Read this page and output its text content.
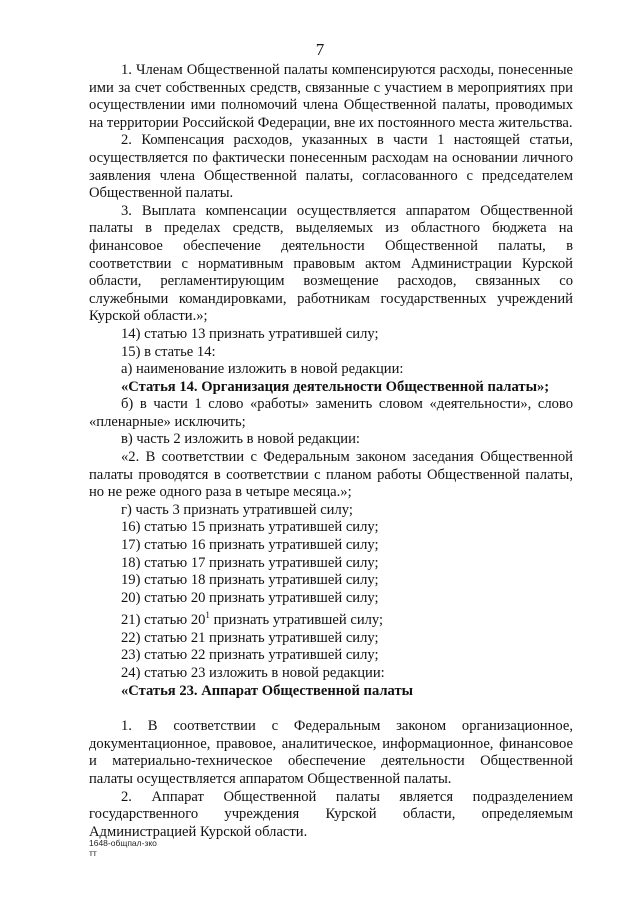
7

1. Членам Общественной палаты компенсируются расходы, понесенные ими за счет собственных средств, связанные с участием в мероприятиях при осуществлении ими полномочий члена Общественной палаты, проводимых на территории Российской Федерации, вне их постоянного места жительства.

2. Компенсация расходов, указанных в части 1 настоящей статьи, осуществляется по фактически понесенным расходам на основании личного заявления члена Общественной палаты, согласованного с председателем Общественной палаты.

3. Выплата компенсации осуществляется аппаратом Общественной палаты в пределах средств, выделяемых из областного бюджета на финансовое обеспечение деятельности Общественной палаты, в соответствии с нормативным правовым актом Администрации Курской области, регламентирующим возмещение расходов, связанных со служебными командировками, работникам государственных учреждений Курской области.»;

14) статью 13 признать утратившей силу;

15) в статье 14:

а) наименование изложить в новой редакции:

«Статья 14. Организация деятельности Общественной палаты»;

б) в части 1 слово «работы» заменить словом «деятельности», слово «пленарные» исключить;

в) часть 2 изложить в новой редакции:

«2. В соответствии с Федеральным законом заседания Общественной палаты проводятся в соответствии с планом работы Общественной палаты, но не реже одного раза в четыре месяца.»;

г) часть 3 признать утратившей силу;

16) статью 15 признать утратившей силу;

17) статью 16 признать утратившей силу;

18) статью 17 признать утратившей силу;

19) статью 18 признать утратившей силу;

20) статью 20 признать утратившей силу;

21) статью $20^1$ признать утратившей силу;

22) статью 21 признать утратившей силу;

23) статью 22 признать утратившей силу;

24) статью 23 изложить в новой редакции:

«Статья 23. Аппарат Общественной палаты

1. В соответствии с Федеральным законом организационное, документационное, правовое, аналитическое, информационное, финансовое и материально-техническое обеспечение деятельности Общественной палаты осуществляется аппаратом Общественной палаты.

2. Аппарат Общественной палаты является подразделением государственного учреждения Курской области, определяемым Администрацией Курской области.

1648-общпал-зко
тт
